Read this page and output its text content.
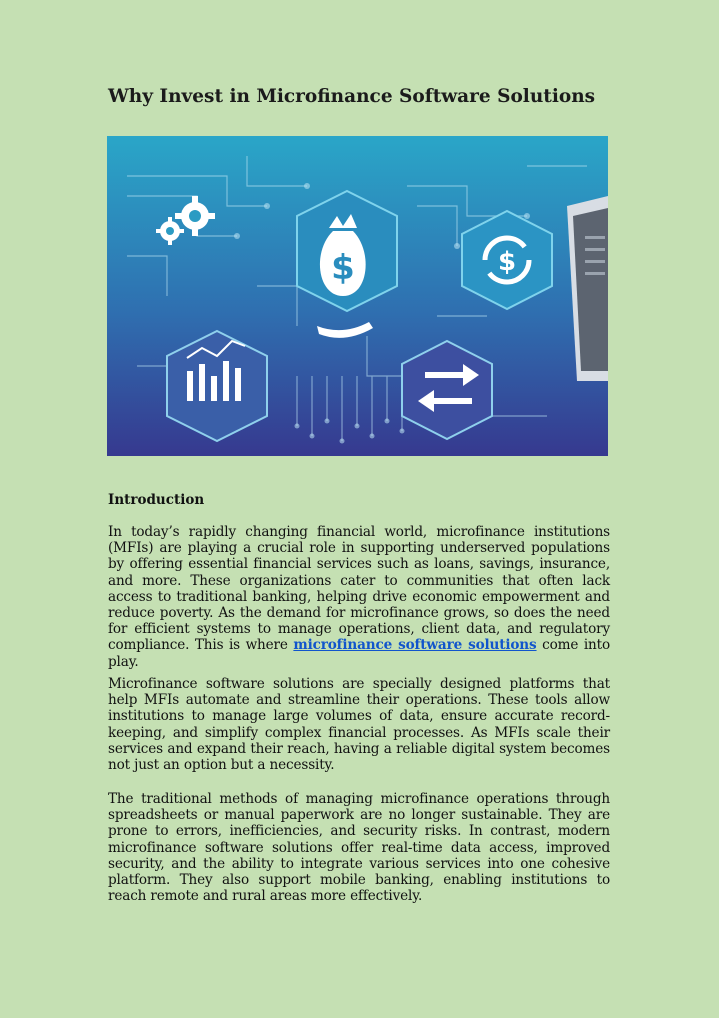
Why Invest in Microfinance Software Solutions
$	$
Introduction

In today’s rapidly changing financial world, microfinance institutions (MFIs) are playing a crucial role in supporting underserved populations by offering essential financial services such as loans, savings, insurance, and more. These organizations cater to communities that often lack access to traditional banking, helping drive economic empowerment and reduce poverty. As the demand for microfinance grows, so does the need for efficient systems to manage operations, client data, and regulatory compliance. This is where microfinance software solutions come into play.

Microfinance software solutions are specially designed platforms that help MFIs automate and streamline their operations. These tools allow institutions to manage large volumes of data, ensure accurate record-keeping, and simplify complex financial processes. As MFIs scale their services and expand their reach, having a reliable digital system becomes not just an option but a necessity.

The traditional methods of managing microfinance operations through spreadsheets or manual paperwork are no longer sustainable. They are prone to errors, inefficiencies, and security risks. In contrast, modern microfinance software solutions offer real-time data access, improved security, and the ability to integrate various services into one cohesive platform. They also support mobile banking, enabling institutions to reach remote and rural areas more effectively.
